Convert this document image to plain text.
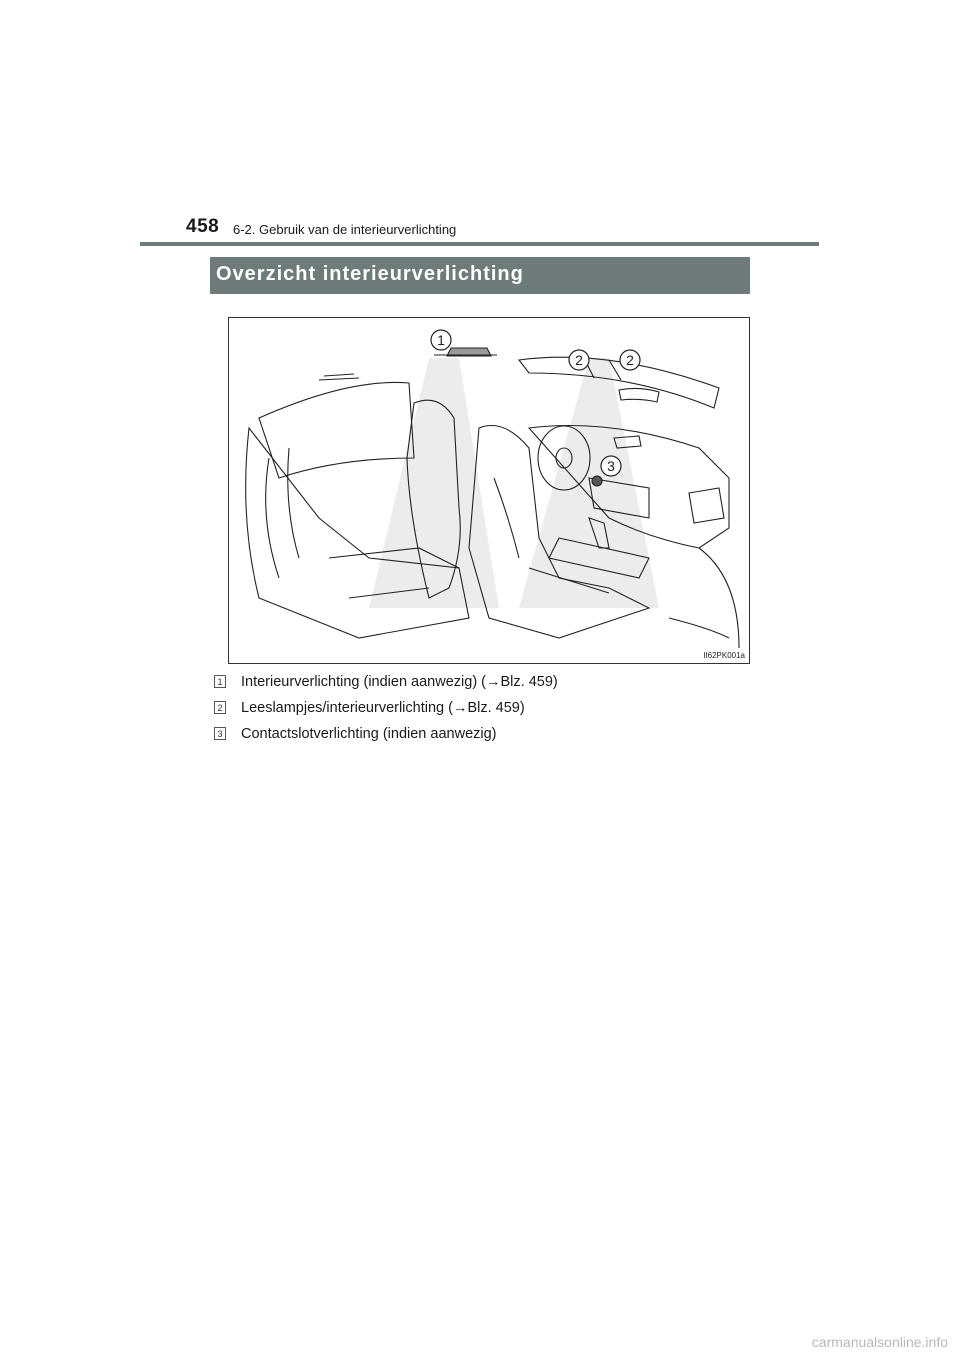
458 6-2. Gebruik van de interieurverlichting
Overzicht interieurverlichting
1
2	2
3
II62PK001a
1 Interieurverlichting (indien aanwezig) (→Blz. 459)
2 Leeslampjes/interieurverlichting (→Blz. 459)
3 Contactslotverlichting (indien aanwezig)
carmanualsonline.info
